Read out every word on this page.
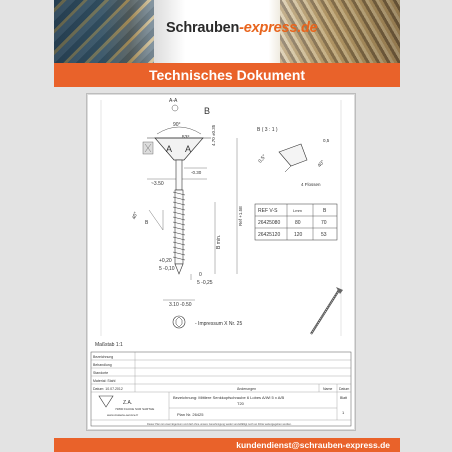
Schrauben-express.de
Technisches Dokument
A-A
B
90°	4.70 ±0.35
A A
-0.30
~3.50
40°
B
B min.
Ref +1.5E
+0,20
5 -0,10
0
5 -0,25
3.10 -0.50
- Impressum X Nr. 25
B ( 3 : 1 )
0,5°	40°
4 Flossen
0,5
REF V-S	Lmm	B
26425080	80	70
26425120	120	53
Maßstab 1:1
Bezeichnung
Behandlung
Standorte
Material: Stahl
Datum: 10.07.2012	Änderungen	Name Datum
Bezeichnung: Mittlere Senkkopfschraube 6 Lobes A/Wi 5 x A/B
T20
Z.A.
72800 FAUCE SUR SARTHE
www.vissierie-service.fr	Plan Nr. 26425
Blatt
1
Dieser Plan ist unser Eigentum und darf ohne unsere Genehmigung weder vervielfältigt noch an Dritte weitergegeben werden.
kundendienst@schrauben-express.de
